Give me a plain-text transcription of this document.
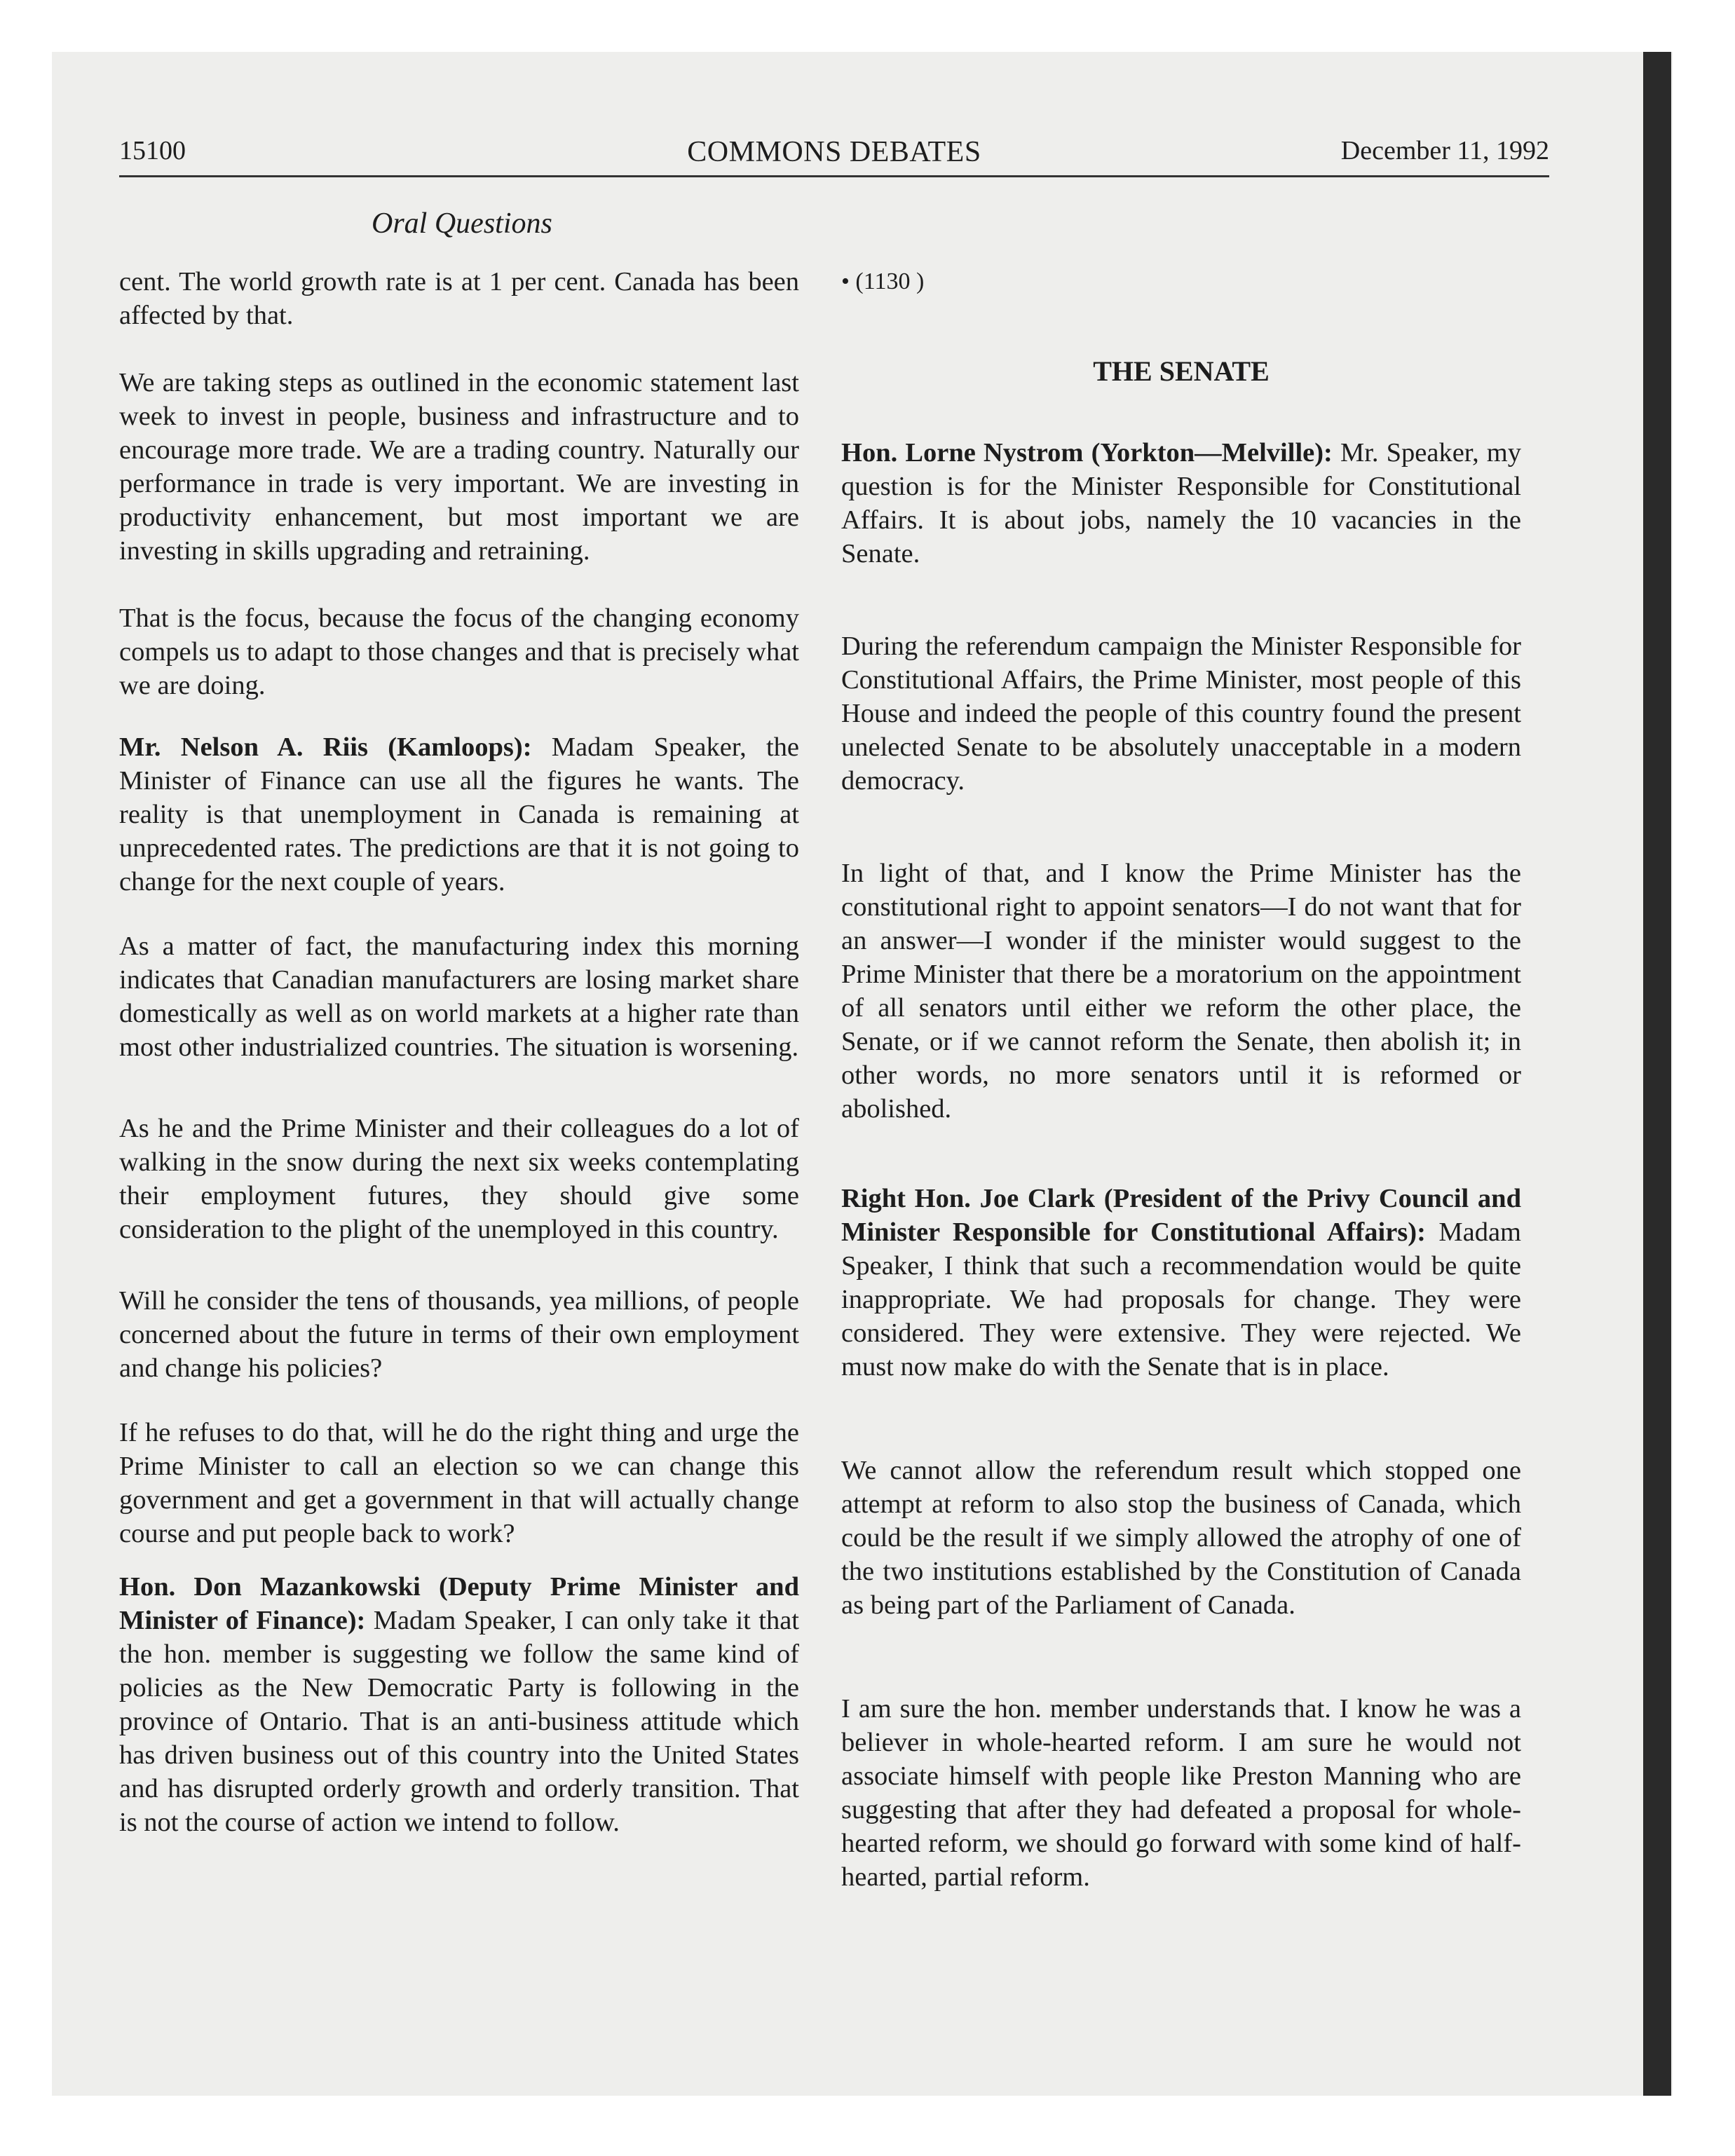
15100	COMMONS DEBATES	December 11, 1992
Oral Questions

cent. The world growth rate is at 1 per cent. Canada has been affected by that.

We are taking steps as outlined in the economic statement last week to invest in people, business and infrastructure and to encourage more trade. We are a trading country. Naturally our performance in trade is very important. We are investing in productivity enhancement, but most important we are investing in skills upgrading and retraining.

That is the focus, because the focus of the changing economy compels us to adapt to those changes and that is precisely what we are doing.

Mr. Nelson A. Riis (Kamloops): Madam Speaker, the Minister of Finance can use all the figures he wants. The reality is that unemployment in Canada is remaining at unprecedented rates. The predictions are that it is not going to change for the next couple of years.

As a matter of fact, the manufacturing index this morning indicates that Canadian manufacturers are losing market share domestically as well as on world markets at a higher rate than most other industrialized countries. The situation is worsening.

As he and the Prime Minister and their colleagues do a lot of walking in the snow during the next six weeks contemplating their employment futures, they should give some consideration to the plight of the unemployed in this country.

Will he consider the tens of thousands, yea millions, of people concerned about the future in terms of their own employment and change his policies?

If he refuses to do that, will he do the right thing and urge the Prime Minister to call an election so we can change this government and get a government in that will actually change course and put people back to work?

Hon. Don Mazankowski (Deputy Prime Minister and Minister of Finance): Madam Speaker, I can only take it that the hon. member is suggesting we follow the same kind of policies as the New Democratic Party is following in the province of Ontario. That is an anti-business attitude which has driven business out of this country into the United States and has disrupted orderly growth and orderly transition. That is not the course of action we intend to follow.

• (1130 )

THE SENATE

Hon. Lorne Nystrom (Yorkton—Melville): Mr. Speaker, my question is for the Minister Responsible for Constitutional Affairs. It is about jobs, namely the 10 vacancies in the Senate.

During the referendum campaign the Minister Responsible for Constitutional Affairs, the Prime Minister, most people of this House and indeed the people of this country found the present unelected Senate to be absolutely unacceptable in a modern democracy.

In light of that, and I know the Prime Minister has the constitutional right to appoint senators—I do not want that for an answer—I wonder if the minister would suggest to the Prime Minister that there be a moratorium on the appointment of all senators until either we reform the other place, the Senate, or if we cannot reform the Senate, then abolish it; in other words, no more senators until it is reformed or abolished.

Right Hon. Joe Clark (President of the Privy Council and Minister Responsible for Constitutional Affairs): Madam Speaker, I think that such a recommendation would be quite inappropriate. We had proposals for change. They were considered. They were extensive. They were rejected. We must now make do with the Senate that is in place.

We cannot allow the referendum result which stopped one attempt at reform to also stop the business of Canada, which could be the result if we simply allowed the atrophy of one of the two institutions established by the Constitution of Canada as being part of the Parliament of Canada.

I am sure the hon. member understands that. I know he was a believer in whole-hearted reform. I am sure he would not associate himself with people like Preston Manning who are suggesting that after they had defeated a proposal for whole-hearted reform, we should go forward with some kind of half-hearted, partial reform.
